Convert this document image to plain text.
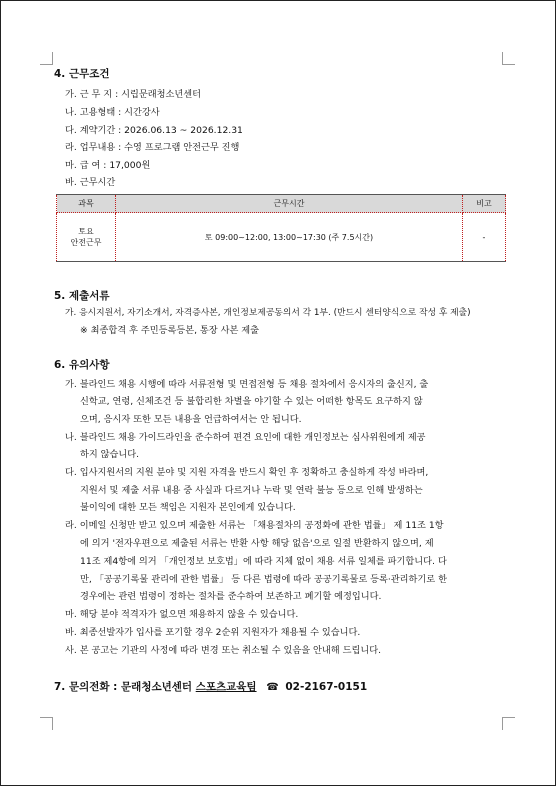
4. 근무조건
가. 근 무 지 : 시립문래청소년센터
나. 고용형태 : 시간강사
다. 계약기간 : 2026.06.13 ~ 2026.12.31
라. 업무내용 : 수영 프로그램 안전근무 진행
마. 급 여 : 17,000원
바. 근무시간
과목	근무시간	비고

토요
안전근무	토 09:00~12:00, 13:00~17:30 (주 7.5시간)	-
5. 제출서류
가. 응시지원서, 자기소개서, 자격증사본, 개인정보제공동의서 각 1부. (반드시 센터양식으로 작성 후 제출)
※ 최종합격 후 주민등록등본, 통장 사본 제출
6. 유의사항
가. 블라인드 채용 시행에 따라 서류전형 및 면접전형 등 채용 절차에서 응시자의 출신지, 출
신학교, 연령, 신체조건 등 불합리한 차별을 야기할 수 있는 어떠한 항목도 요구하지 않
으며, 응시자 또한 모든 내용을 언급하여서는 안 됩니다.
나. 블라인드 채용 가이드라인을 준수하여 편견 요인에 대한 개인정보는 심사위원에게 제공
하지 않습니다.
다. 입사지원서의 지원 분야 및 지원 자격을 반드시 확인 후 정확하고 충실하게 작성 바라며,
지원서 및 제출 서류 내용 중 사실과 다르거나 누락 및 연락 불능 등으로 인해 발생하는
불이익에 대한 모든 책임은 지원자 본인에게 있습니다.
라. 이메일 신청만 받고 있으며 제출한 서류는 「채용절차의 공정화에 관한 법률」 제 11조 1항
에 의거 '전자우편으로 제출된 서류는 반환 사항 해당 없음'으로 일절 반환하지 않으며, 제
11조 제4항에 의거 「개인정보 보호법」에 따라 지체 없이 채용 서류 일체를 파기합니다. 다
만, 「공공기록물 관리에 관한 법률」 등 다른 법령에 따라 공공기록물로 등록·관리하기로 한
경우에는 관련 법령이 정하는 절차를 준수하여 보존하고 폐기할 예정입니다.
마. 해당 분야 적격자가 없으면 채용하지 않을 수 있습니다.
바. 최종선발자가 입사를 포기할 경우 2순위 지원자가 채용될 수 있습니다.
사. 본 공고는 기관의 사정에 따라 변경 또는 취소될 수 있음을 안내해 드립니다.
7. 문의전화 : 문래청소년센터 스포츠교육팀 ☎ 02-2167-0151
